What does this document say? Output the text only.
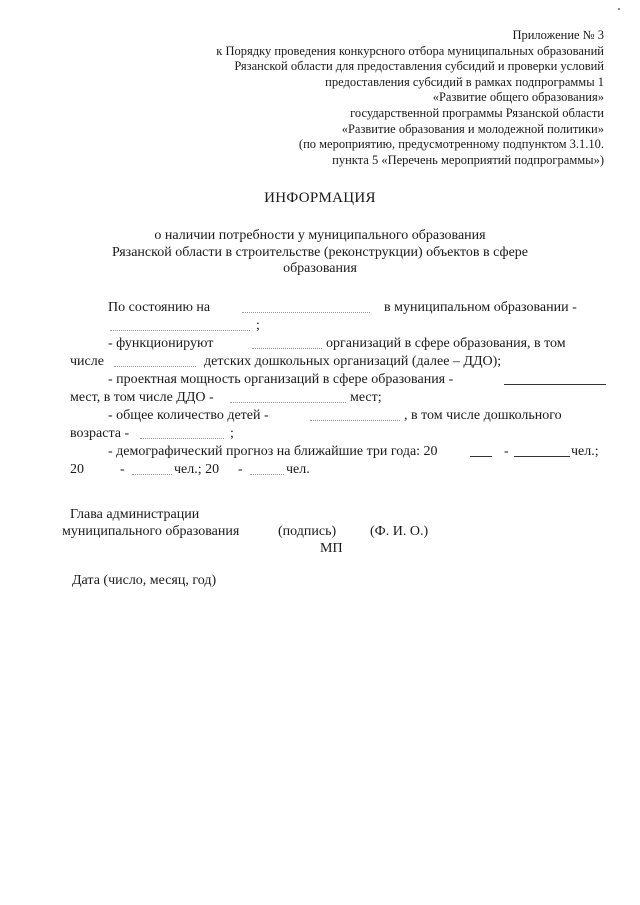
Приложение № 3
к Порядку проведения конкурсного отбора муниципальных образований
Рязанской области для предоставления субсидий и проверки условий
предоставления субсидий в рамках подпрограммы 1
«Развитие общего образования»
государственной программы Рязанской области
«Развитие образования и молодежной политики»
(по мероприятию, предусмотренному подпунктом 3.1.10.
пункта 5 «Перечень мероприятий подпрограммы»)
ИНФОРМАЦИЯ
о наличии потребности у муниципального образования
Рязанской области в строительстве (реконструкции) объектов в сфере
образования
По состоянию на	в муниципальном образовании -
;
- функционируют	организаций в сфере образования, в том
числе	детских дошкольных организаций (далее – ДДО);
- проектная мощность организаций в сфере образования -
мест, в том числе ДДО -	мест;
- общее количество детей -	, в том числе дошкольного
возраста -	;
- демографический прогноз на ближайшие три года: 20	-	чел.;
20	-	чел.; 20 -	чел.
Глава администрации
муниципального образования	(подпись) (Ф. И. О.)
МП
Дата (число, месяц, год)
